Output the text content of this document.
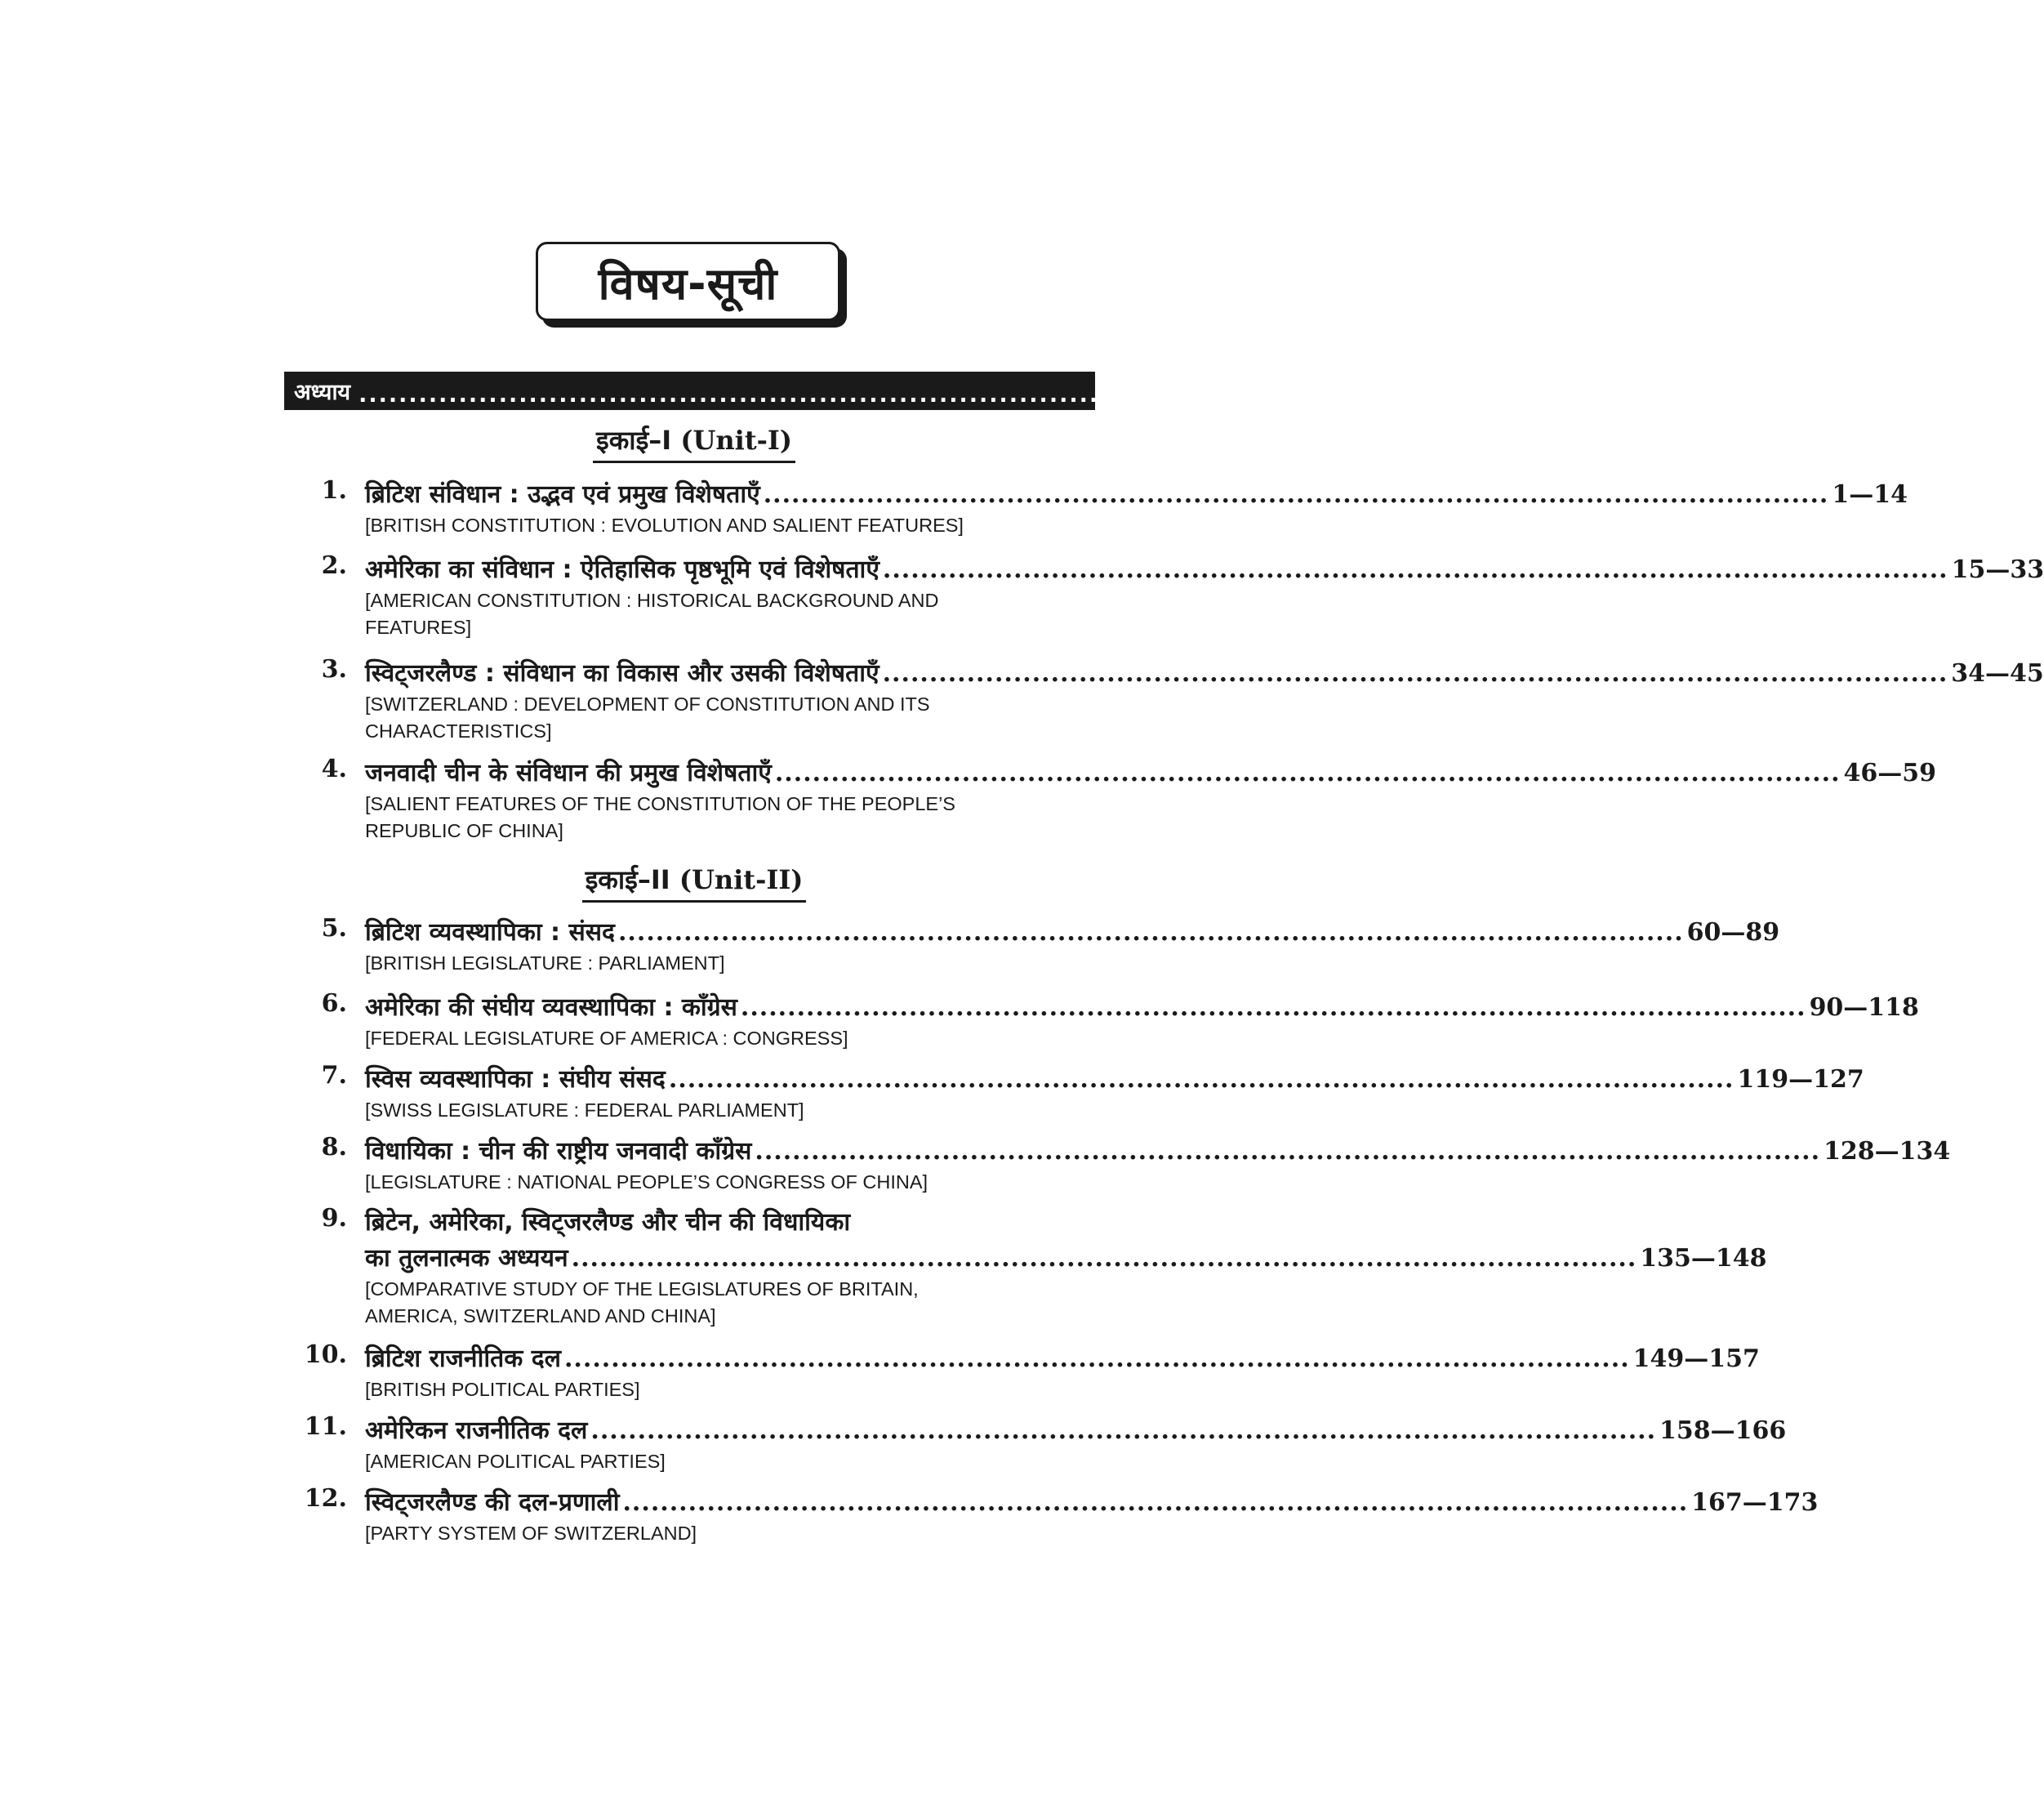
विषय-सूची
अध्याय .................................................................................................................................................... पृष्ठ-संख्या
इकाई–I (Unit-I)
1. ब्रिटिश संविधान : उद्भव एवं प्रमुख विशेषताएँ .................................................................................................................. 1—14
[BRITISH CONSTITUTION : EVOLUTION AND SALIENT FEATURES]
2. अमेरिका का संविधान : ऐतिहासिक पृष्ठभूमि एवं विशेषताएँ .................................................................................................................. 15—33
[AMERICAN CONSTITUTION : HISTORICAL BACKGROUND AND FEATURES]
3. स्विट्जरलैण्ड : संविधान का विकास और उसकी विशेषताएँ .................................................................................................................. 34—45
[SWITZERLAND : DEVELOPMENT OF CONSTITUTION AND ITS CHARACTERISTICS]
4. जनवादी चीन के संविधान की प्रमुख विशेषताएँ .................................................................................................................. 46—59
[SALIENT FEATURES OF THE CONSTITUTION OF THE PEOPLE’S REPUBLIC OF CHINA]
इकाई–II (Unit-II)
5. ब्रिटिश व्यवस्थापिका : संसद .................................................................................................................. 60—89
[BRITISH LEGISLATURE : PARLIAMENT]
6. अमेरिका की संघीय व्यवस्थापिका : काँग्रेस .................................................................................................................. 90—118
[FEDERAL LEGISLATURE OF AMERICA : CONGRESS]
7. स्विस व्यवस्थापिका : संघीय संसद .................................................................................................................. 119—127
[SWISS LEGISLATURE : FEDERAL PARLIAMENT]
8. विधायिका : चीन की राष्ट्रीय जनवादी काँग्रेस .................................................................................................................. 128—134
[LEGISLATURE : NATIONAL PEOPLE’S CONGRESS OF CHINA]
9. ब्रिटेन, अमेरिका, स्विट्जरलैण्ड और चीन की विधायिका
का तुलनात्मक अध्ययन .................................................................................................................. 135—148
[COMPARATIVE STUDY OF THE LEGISLATURES OF BRITAIN, AMERICA, SWITZERLAND AND CHINA]
10. ब्रिटिश राजनीतिक दल .................................................................................................................. 149—157
[BRITISH POLITICAL PARTIES]
11. अमेरिकन राजनीतिक दल .................................................................................................................. 158—166
[AMERICAN POLITICAL PARTIES]
12. स्विट्जरलैण्ड की दल-प्रणाली .................................................................................................................. 167—173
[PARTY SYSTEM OF SWITZERLAND]
